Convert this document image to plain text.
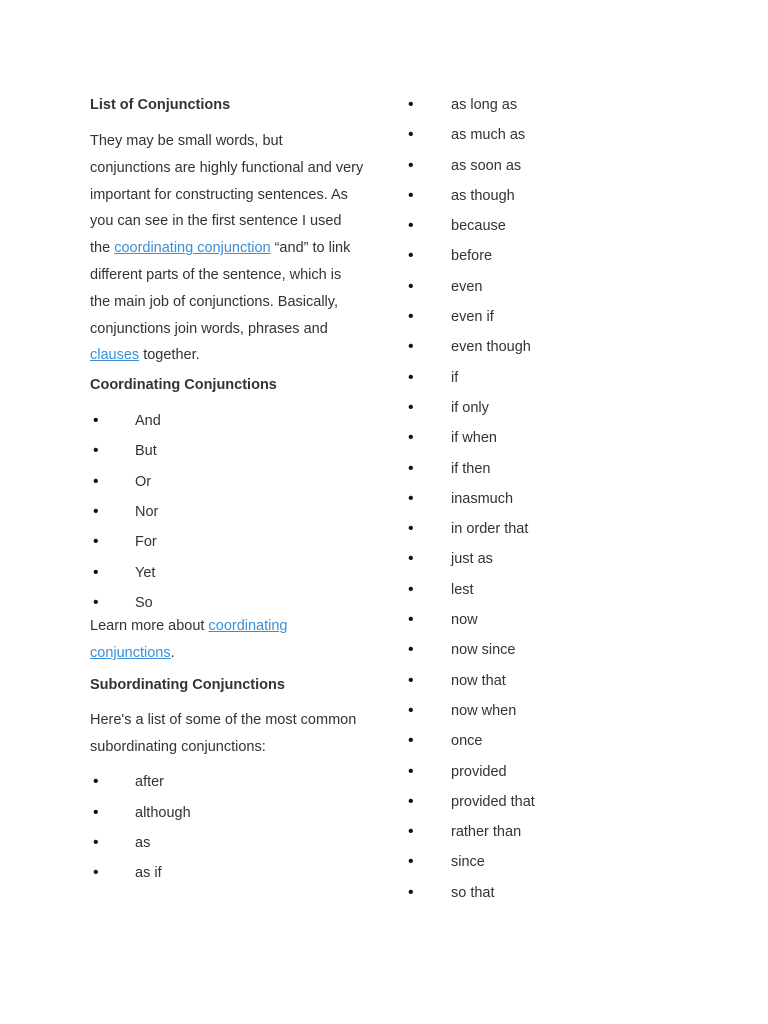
List of Conjunctions

They may be small words, but conjunctions are highly functional and very important for constructing sentences. As you can see in the first sentence I used the coordinating conjunction “and” to link different parts of the sentence, which is the main job of conjunctions. Basically, conjunctions join words, phrases and clauses together.

Coordinating Conjunctions

•	And
•	But
•	Or
•	Nor
•	For
•	Yet
•	So

Learn more about coordinating conjunctions.

Subordinating Conjunctions

Here's a list of some of the most common subordinating conjunctions:

•	after
•	although
•	as
•	as if
•	as long as
•	as much as
•	as soon as
•	as though
•	because
•	before
•	even
•	even if
•	even though
•	if
•	if only
•	if when
•	if then
•	inasmuch
•	in order that
•	just as
•	lest
•	now
•	now since
•	now that
•	now when
•	once
•	provided
•	provided that
•	rather than
•	since
•	so that
